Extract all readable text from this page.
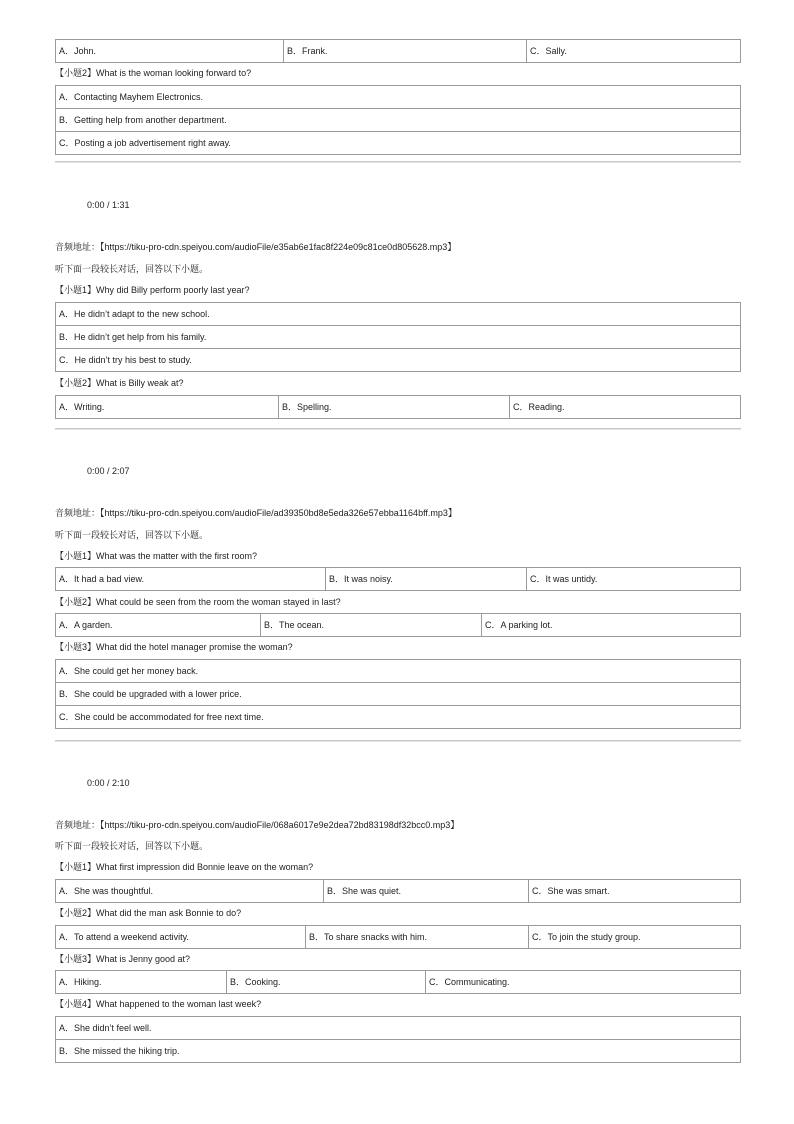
A．John.	B．Frank.	C．Sally.
【小题2】What is the woman looking forward to?
A．Contacting Mayhem Electronics.
B．Getting help from another department.
C．Posting a job advertisement right away.
0:00 / 1:31
音频地址：【https://tiku-pro-cdn.speiyou.com/audioFile/e35ab6e1fac8f224e09c81ce0d805628.mp3】
听下面一段较长对话，回答以下小题。
【小题1】Why did Billy perform poorly last year?
A．He didn’t adapt to the new school.
B．He didn’t get help from his family.
C．He didn’t try his best to study.
【小题2】What is Billy weak at?
A．Writing.	B．Spelling.	C．Reading.
0:00 / 2:07
音频地址：【https://tiku-pro-cdn.speiyou.com/audioFile/ad39350bd8e5eda326e57ebba1164bff.mp3】
听下面一段较长对话，回答以下小题。
【小题1】What was the matter with the first room?
A．It had a bad view.	B．It was noisy.	C．It was untidy.
【小题2】What could be seen from the room the woman stayed in last?
A．A garden.	B．The ocean.	C．A parking lot.
【小题3】What did the hotel manager promise the woman?
A．She could get her money back.
B．She could be upgraded with a lower price.
C．She could be accommodated for free next time.
0:00 / 2:10
音频地址：【https://tiku-pro-cdn.speiyou.com/audioFile/068a6017e9e2dea72bd83198df32bcc0.mp3】
听下面一段较长对话，回答以下小题。
【小题1】What first impression did Bonnie leave on the woman?
A．She was thoughtful.	B．She was quiet.	C．She was smart.
【小题2】What did the man ask Bonnie to do?
A．To attend a weekend activity.	B．To share snacks with him.	C．To join the study group.
【小题3】What is Jenny good at?
A．Hiking.	B．Cooking.	C．Communicating.
【小题4】What happened to the woman last week?
A．She didn’t feel well.
B．She missed the hiking trip.
